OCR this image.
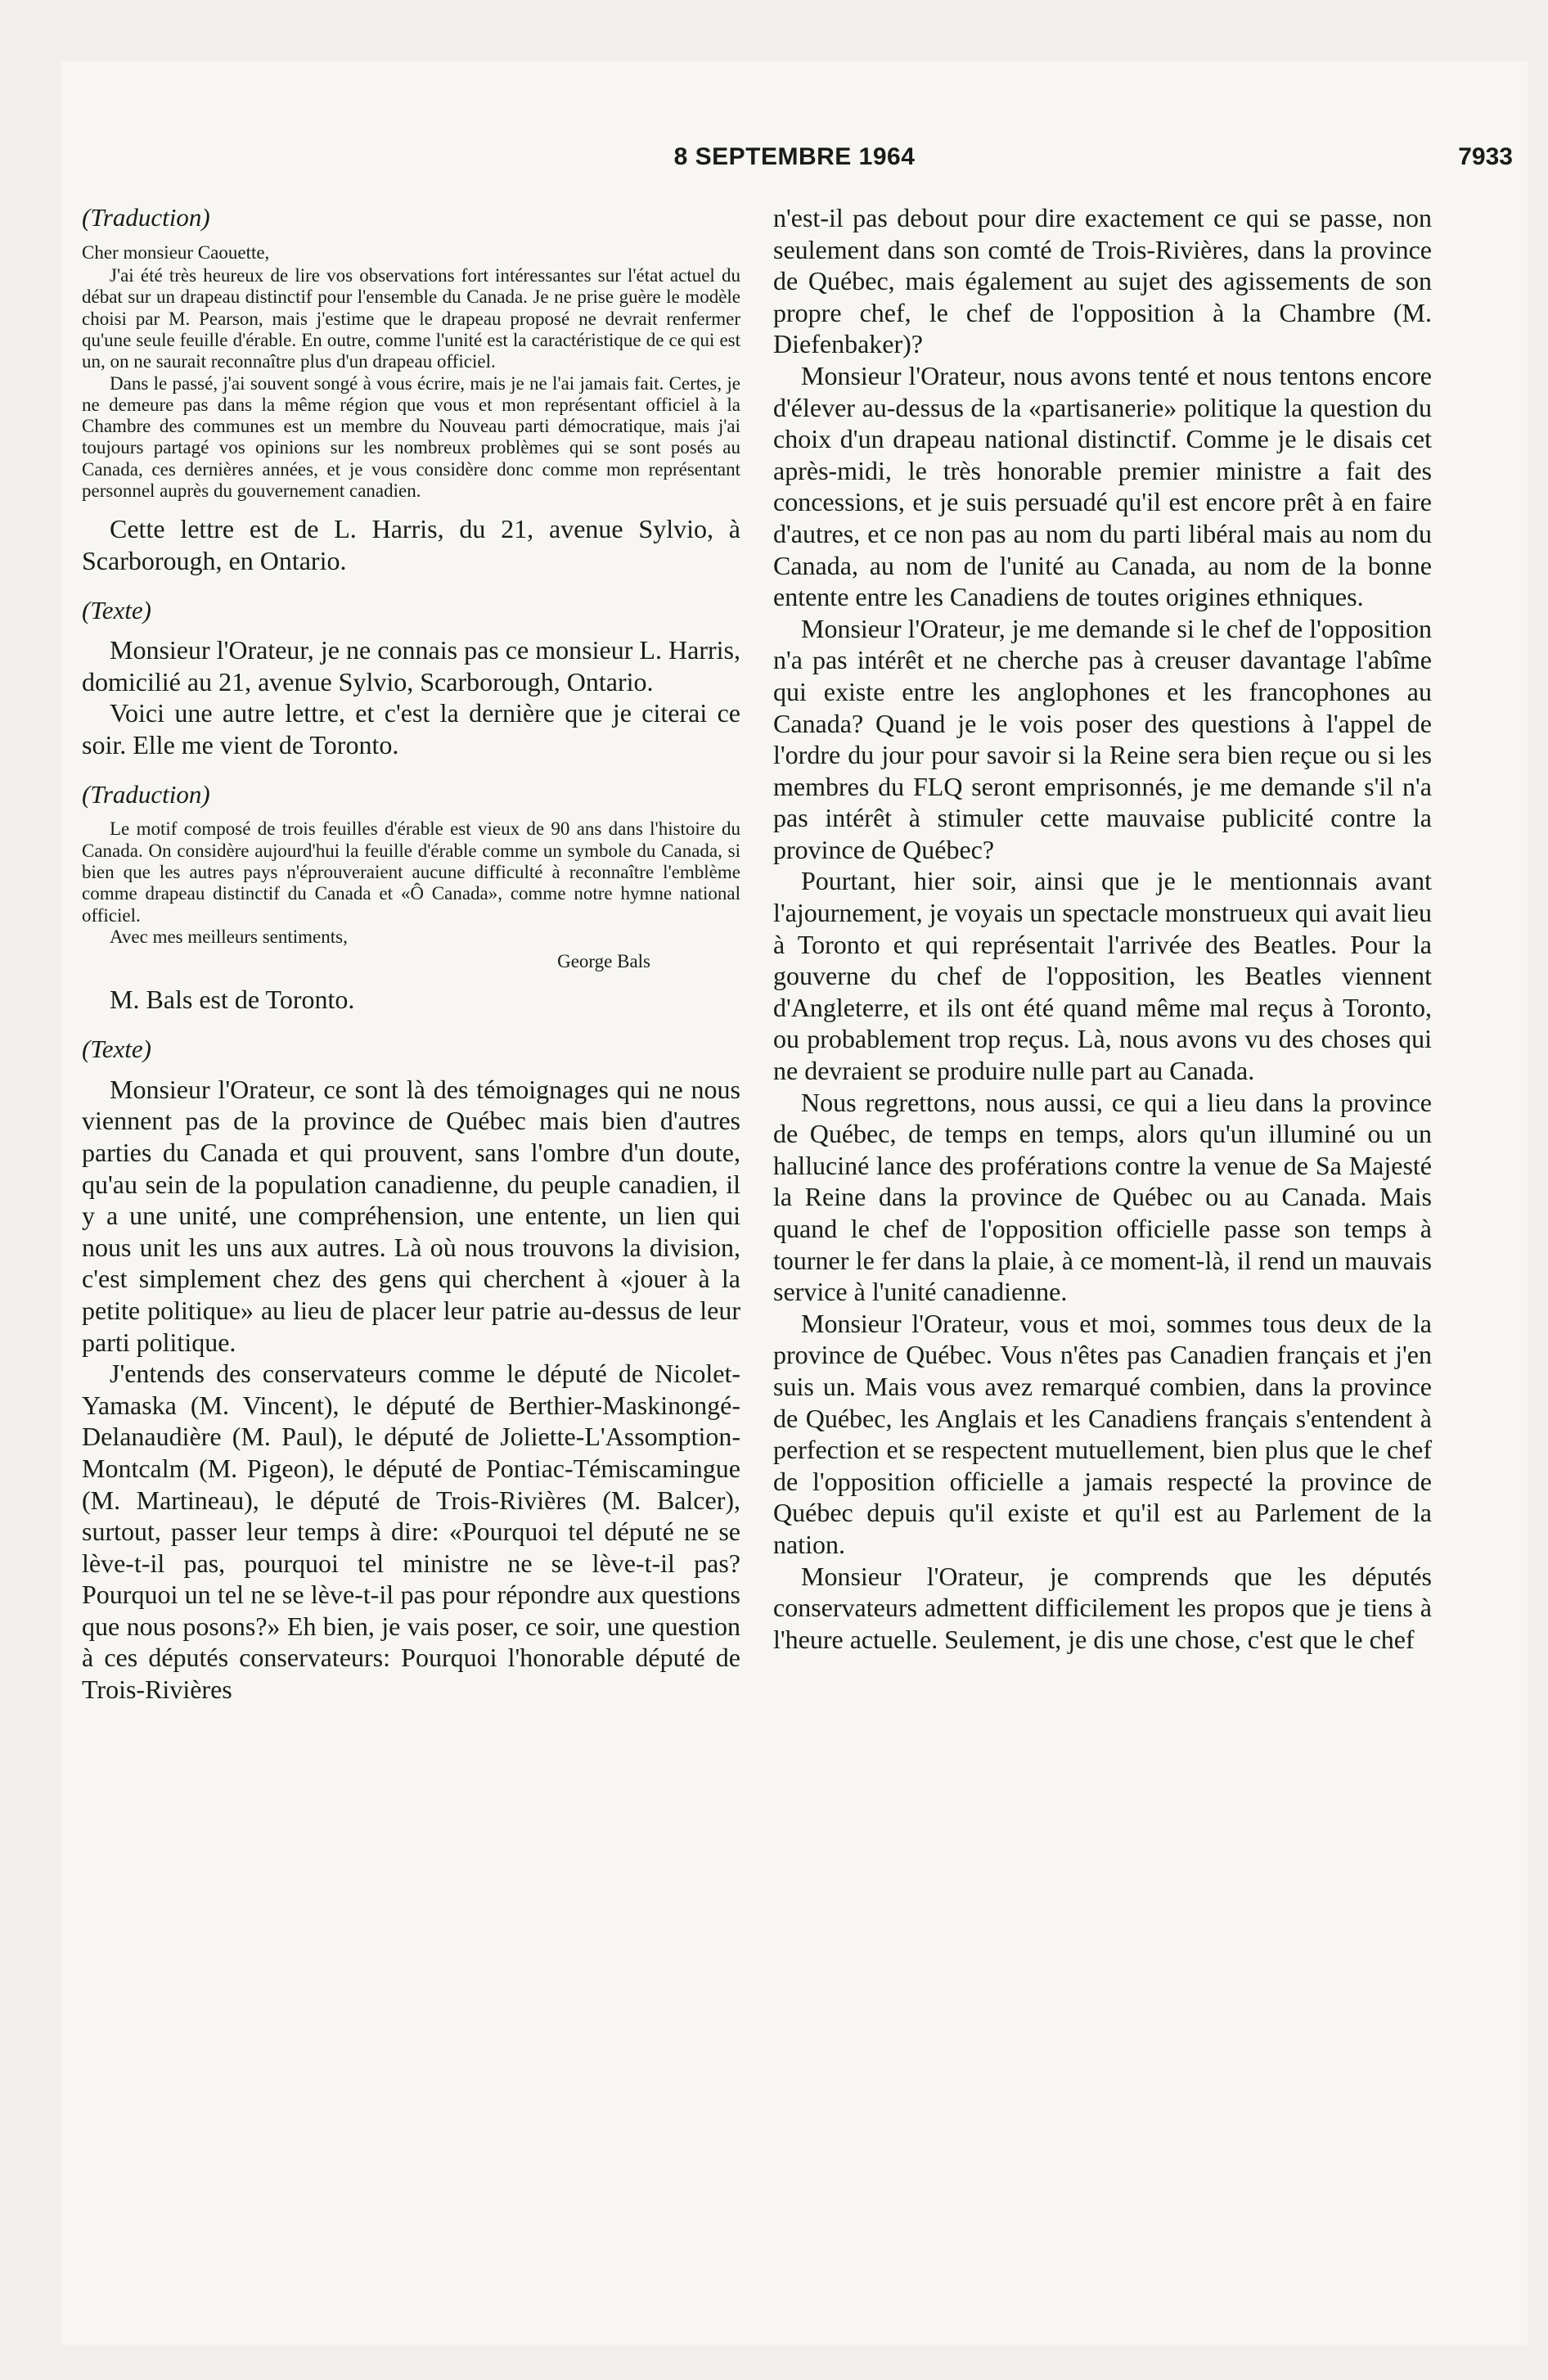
8 SEPTEMBRE 1964	7933
(Traduction)

Cher monsieur Caouette,

J'ai été très heureux de lire vos observations fort intéressantes sur l'état actuel du débat sur un drapeau distinctif pour l'ensemble du Canada. Je ne prise guère le modèle choisi par M. Pearson, mais j'estime que le drapeau proposé ne devrait renfermer qu'une seule feuille d'érable. En outre, comme l'unité est la caractéristique de ce qui est un, on ne saurait reconnaître plus d'un drapeau officiel.

Dans le passé, j'ai souvent songé à vous écrire, mais je ne l'ai jamais fait. Certes, je ne demeure pas dans la même région que vous et mon représentant officiel à la Chambre des communes est un membre du Nouveau parti démocratique, mais j'ai toujours partagé vos opinions sur les nombreux problèmes qui se sont posés au Canada, ces dernières années, et je vous considère donc comme mon représentant personnel auprès du gouvernement canadien.

Cette lettre est de L. Harris, du 21, avenue Sylvio, à Scarborough, en Ontario.

(Texte)

Monsieur l'Orateur, je ne connais pas ce monsieur L. Harris, domicilié au 21, avenue Sylvio, Scarborough, Ontario.

Voici une autre lettre, et c'est la dernière que je citerai ce soir. Elle me vient de Toronto.

(Traduction)

Le motif composé de trois feuilles d'érable est vieux de 90 ans dans l'histoire du Canada. On considère aujourd'hui la feuille d'érable comme un symbole du Canada, si bien que les autres pays n'éprouveraient aucune difficulté à reconnaître l'emblème comme drapeau distinctif du Canada et «Ô Canada», comme notre hymne national officiel.

Avec mes meilleurs sentiments,

George Bals

M. Bals est de Toronto.

(Texte)

Monsieur l'Orateur, ce sont là des témoignages qui ne nous viennent pas de la province de Québec mais bien d'autres parties du Canada et qui prouvent, sans l'ombre d'un doute, qu'au sein de la population canadienne, du peuple canadien, il y a une unité, une compréhension, une entente, un lien qui nous unit les uns aux autres. Là où nous trouvons la division, c'est simplement chez des gens qui cherchent à «jouer à la petite politique» au lieu de placer leur patrie au-dessus de leur parti politique.

J'entends des conservateurs comme le député de Nicolet-Yamaska (M. Vincent), le député de Berthier-Maskinongé-Delanaudière (M. Paul), le député de Joliette-L'Assomption-Montcalm (M. Pigeon), le député de Pontiac-Témiscamingue (M. Martineau), le député de Trois-Rivières (M. Balcer), surtout, passer leur temps à dire: «Pourquoi tel député ne se lève-t-il pas, pourquoi tel ministre ne se lève-t-il pas? Pourquoi un tel ne se lève-t-il pas pour répondre aux questions que nous posons?» Eh bien, je vais poser, ce soir, une question à ces députés conservateurs: Pourquoi l'honorable député de Trois-Rivières

n'est-il pas debout pour dire exactement ce qui se passe, non seulement dans son comté de Trois-Rivières, dans la province de Québec, mais également au sujet des agissements de son propre chef, le chef de l'opposition à la Chambre (M. Diefenbaker)?

Monsieur l'Orateur, nous avons tenté et nous tentons encore d'élever au-dessus de la «partisanerie» politique la question du choix d'un drapeau national distinctif. Comme je le disais cet après-midi, le très honorable premier ministre a fait des concessions, et je suis persuadé qu'il est encore prêt à en faire d'autres, et ce non pas au nom du parti libéral mais au nom du Canada, au nom de l'unité au Canada, au nom de la bonne entente entre les Canadiens de toutes origines ethniques.

Monsieur l'Orateur, je me demande si le chef de l'opposition n'a pas intérêt et ne cherche pas à creuser davantage l'abîme qui existe entre les anglophones et les francophones au Canada? Quand je le vois poser des questions à l'appel de l'ordre du jour pour savoir si la Reine sera bien reçue ou si les membres du FLQ seront emprisonnés, je me demande s'il n'a pas intérêt à stimuler cette mauvaise publicité contre la province de Québec?

Pourtant, hier soir, ainsi que je le mentionnais avant l'ajournement, je voyais un spectacle monstrueux qui avait lieu à Toronto et qui représentait l'arrivée des Beatles. Pour la gouverne du chef de l'opposition, les Beatles viennent d'Angleterre, et ils ont été quand même mal reçus à Toronto, ou probablement trop reçus. Là, nous avons vu des choses qui ne devraient se produire nulle part au Canada.

Nous regrettons, nous aussi, ce qui a lieu dans la province de Québec, de temps en temps, alors qu'un illuminé ou un halluciné lance des proférations contre la venue de Sa Majesté la Reine dans la province de Québec ou au Canada. Mais quand le chef de l'opposition officielle passe son temps à tourner le fer dans la plaie, à ce moment-là, il rend un mauvais service à l'unité canadienne.

Monsieur l'Orateur, vous et moi, sommes tous deux de la province de Québec. Vous n'êtes pas Canadien français et j'en suis un. Mais vous avez remarqué combien, dans la province de Québec, les Anglais et les Canadiens français s'entendent à perfection et se respectent mutuellement, bien plus que le chef de l'opposition officielle a jamais respecté la province de Québec depuis qu'il existe et qu'il est au Parlement de la nation.

Monsieur l'Orateur, je comprends que les députés conservateurs admettent difficilement les propos que je tiens à l'heure actuelle. Seulement, je dis une chose, c'est que le chef
